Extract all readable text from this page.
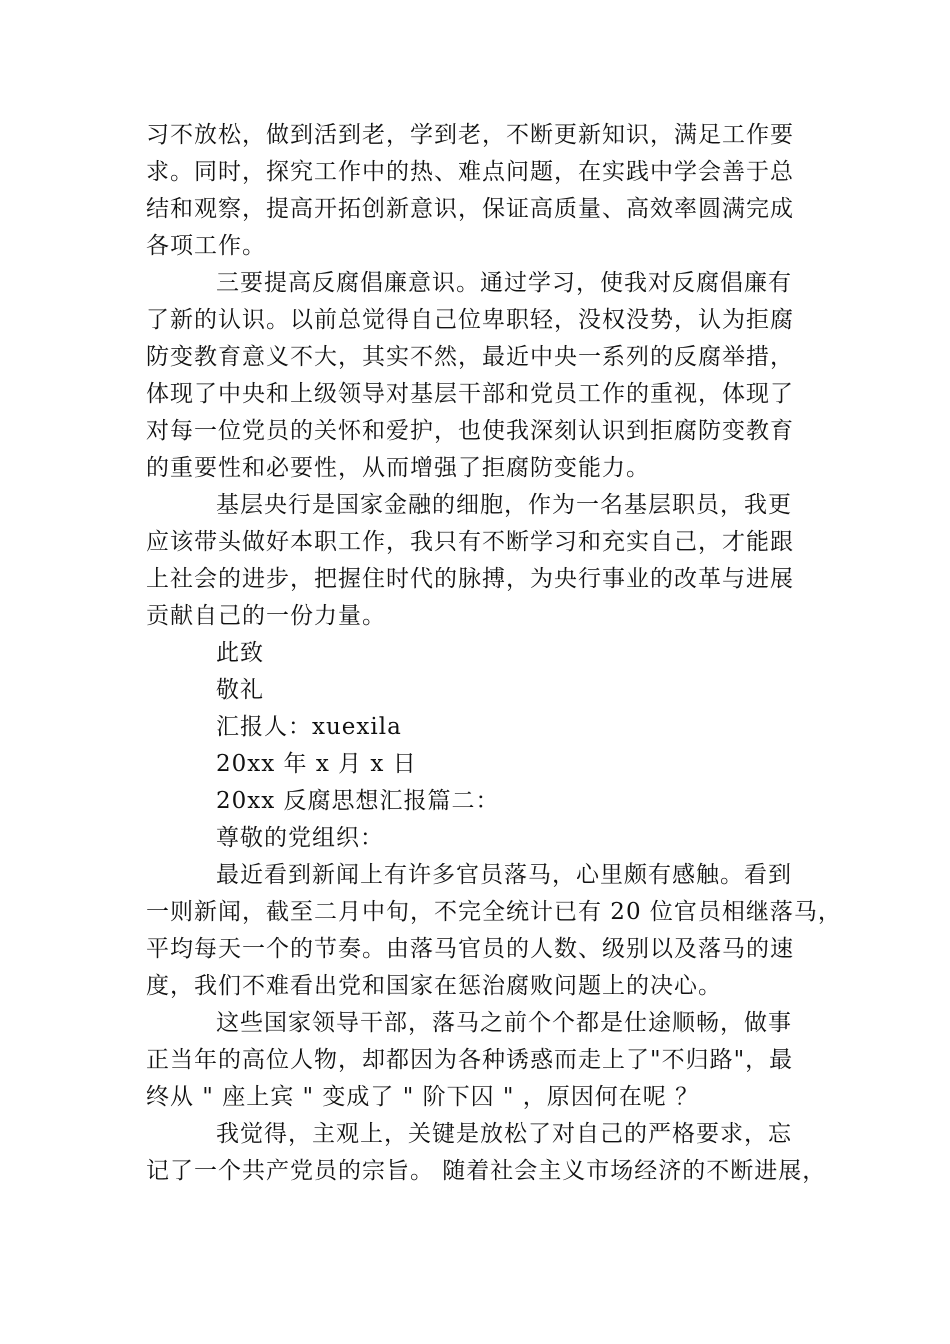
习不放松，做到活到老，学到老，不断更新知识，满足工作要
求。同时，探究工作中的热、难点问题，在实践中学会善于总
结和观察，提高开拓创新意识，保证高质量、高效率圆满完成
各项工作。
三要提高反腐倡廉意识。通过学习，使我对反腐倡廉有
了新的认识。以前总觉得自己位卑职轻，没权没势，认为拒腐
防变教育意义不大，其实不然，最近中央一系列的反腐举措，
体现了中央和上级领导对基层干部和党员工作的重视，体现了
对每一位党员的关怀和爱护，也使我深刻认识到拒腐防变教育
的重要性和必要性，从而增强了拒腐防变能力。
基层央行是国家金融的细胞，作为一名基层职员，我更
应该带头做好本职工作，我只有不断学习和充实自己，才能跟
上社会的进步，把握住时代的脉搏，为央行事业的改革与进展
贡献自己的一份力量。
此致
敬礼
汇报人：xuexila
20xx 年 x 月 x 日
20xx 反腐思想汇报篇二：
尊敬的党组织：
最近看到新闻上有许多官员落马，心里颇有感触。看到
一则新闻，截至二月中旬，不完全统计已有 20 位官员相继落马，
平均每天一个的节奏。由落马官员的人数、级别以及落马的速
度，我们不难看出党和国家在惩治腐败问题上的决心。
这些国家领导干部，落马之前个个都是仕途顺畅，做事
正当年的高位人物，却都因为各种诱惑而走上了"不归路"，最
终从 " 座上宾 " 变成了 " 阶下囚 " ，原因何在呢 ？
我觉得，主观上，关键是放松了对自己的严格要求，忘
记了一个共产党员的宗旨。 随着社会主义市场经济的不断进展，
